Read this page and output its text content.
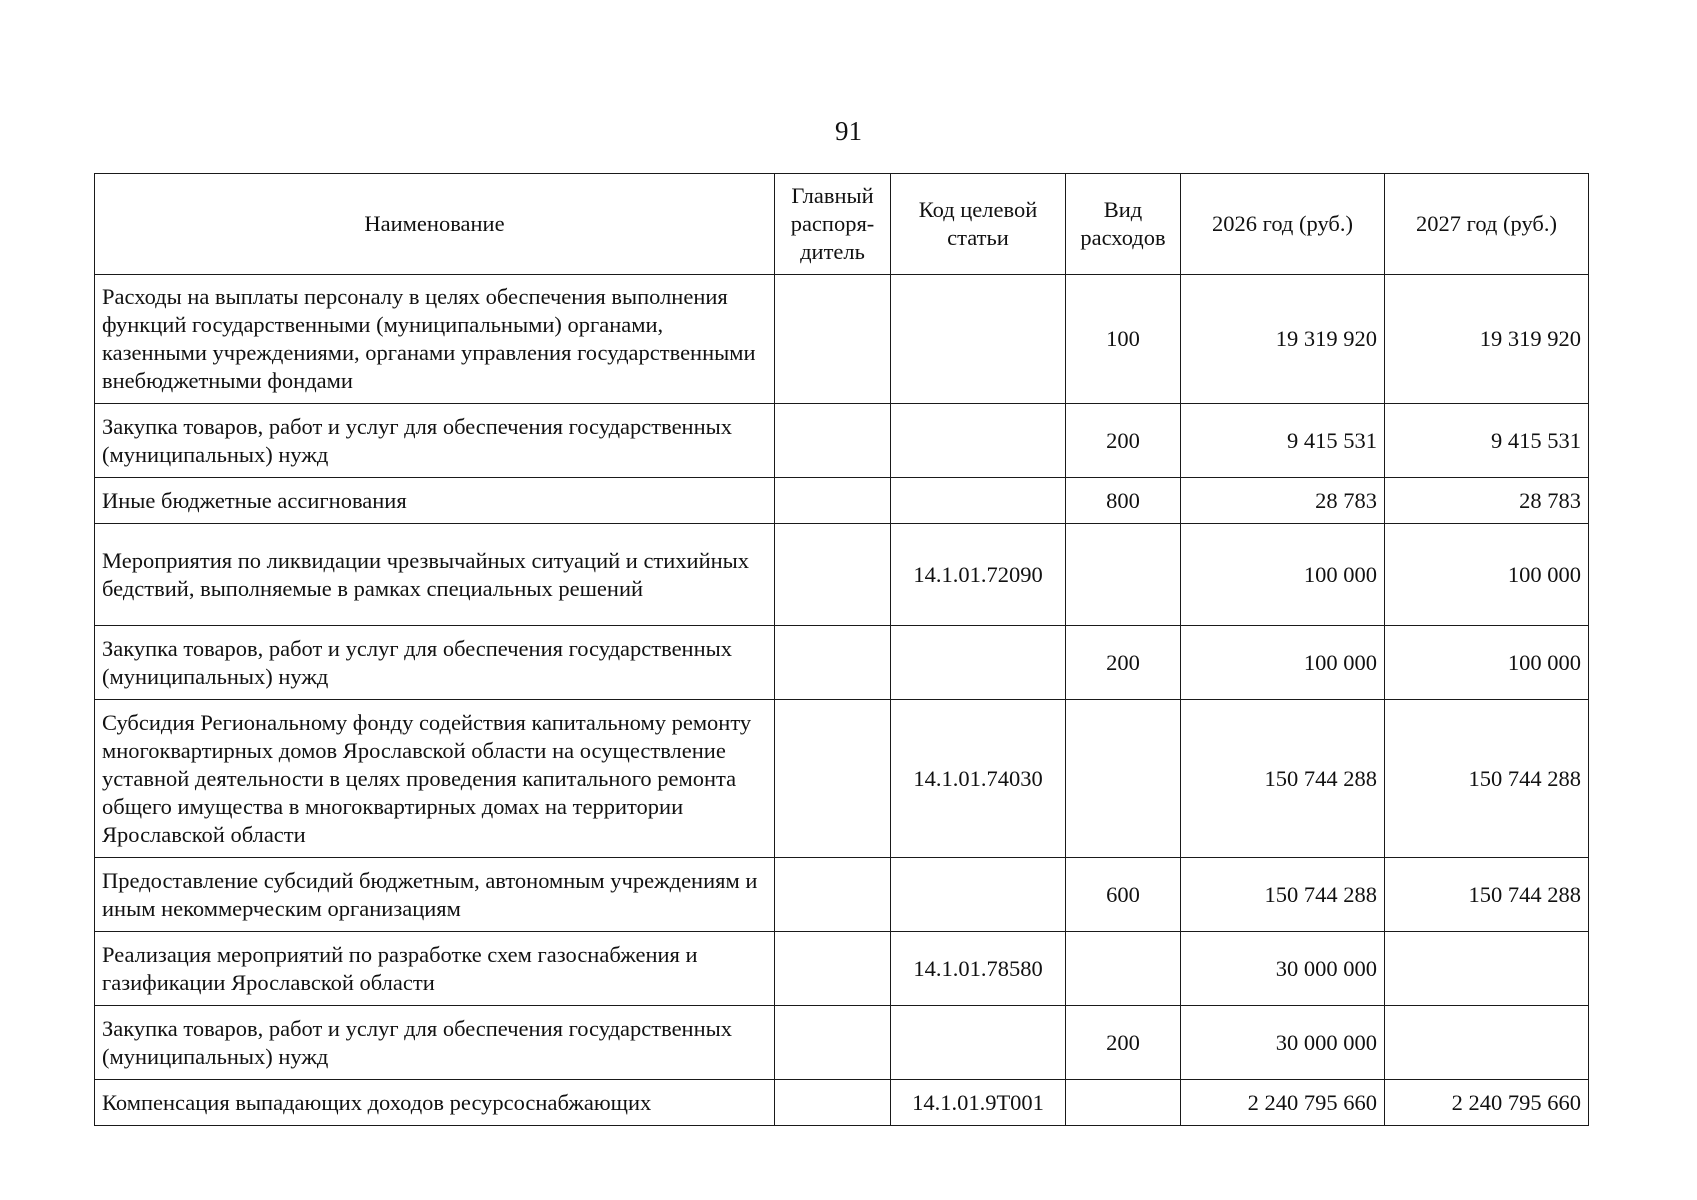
91
Наименование	Главный распоря-дитель	Код целевой статьи	Вид расходов	2026 год (руб.)	2027 год (руб.)
Расходы на выплаты персоналу в целях обеспечения выполнения функций государственными (муниципальными) органами, казенными учреждениями, органами управления государственными внебюджетными фондами			100	19 319 920	19 319 920
Закупка товаров, работ и услуг для обеспечения государственных (муниципальных) нужд			200	9 415 531	9 415 531
Иные бюджетные ассигнования			800	28 783	28 783
Мероприятия по ликвидации чрезвычайных ситуаций и стихийных бедствий, выполняемые в рамках специальных решений		14.1.01.72090		100 000	100 000
Закупка товаров, работ и услуг для обеспечения государственных (муниципальных) нужд			200	100 000	100 000
Субсидия Региональному фонду содействия капитальному ремонту многоквартирных домов Ярославской области на осуществление уставной деятельности в целях проведения капитального ремонта общего имущества в многоквартирных домах на территории Ярославской области		14.1.01.74030		150 744 288	150 744 288
Предоставление субсидий бюджетным, автономным учреждениям и иным некоммерческим организациям			600	150 744 288	150 744 288
Реализация мероприятий по разработке схем газоснабжения и газификации Ярославской области		14.1.01.78580		30 000 000	
Закупка товаров, работ и услуг для обеспечения государственных (муниципальных) нужд			200	30 000 000	
Компенсация выпадающих доходов ресурсоснабжающих		14.1.01.9Т001		2 240 795 660	2 240 795 660
